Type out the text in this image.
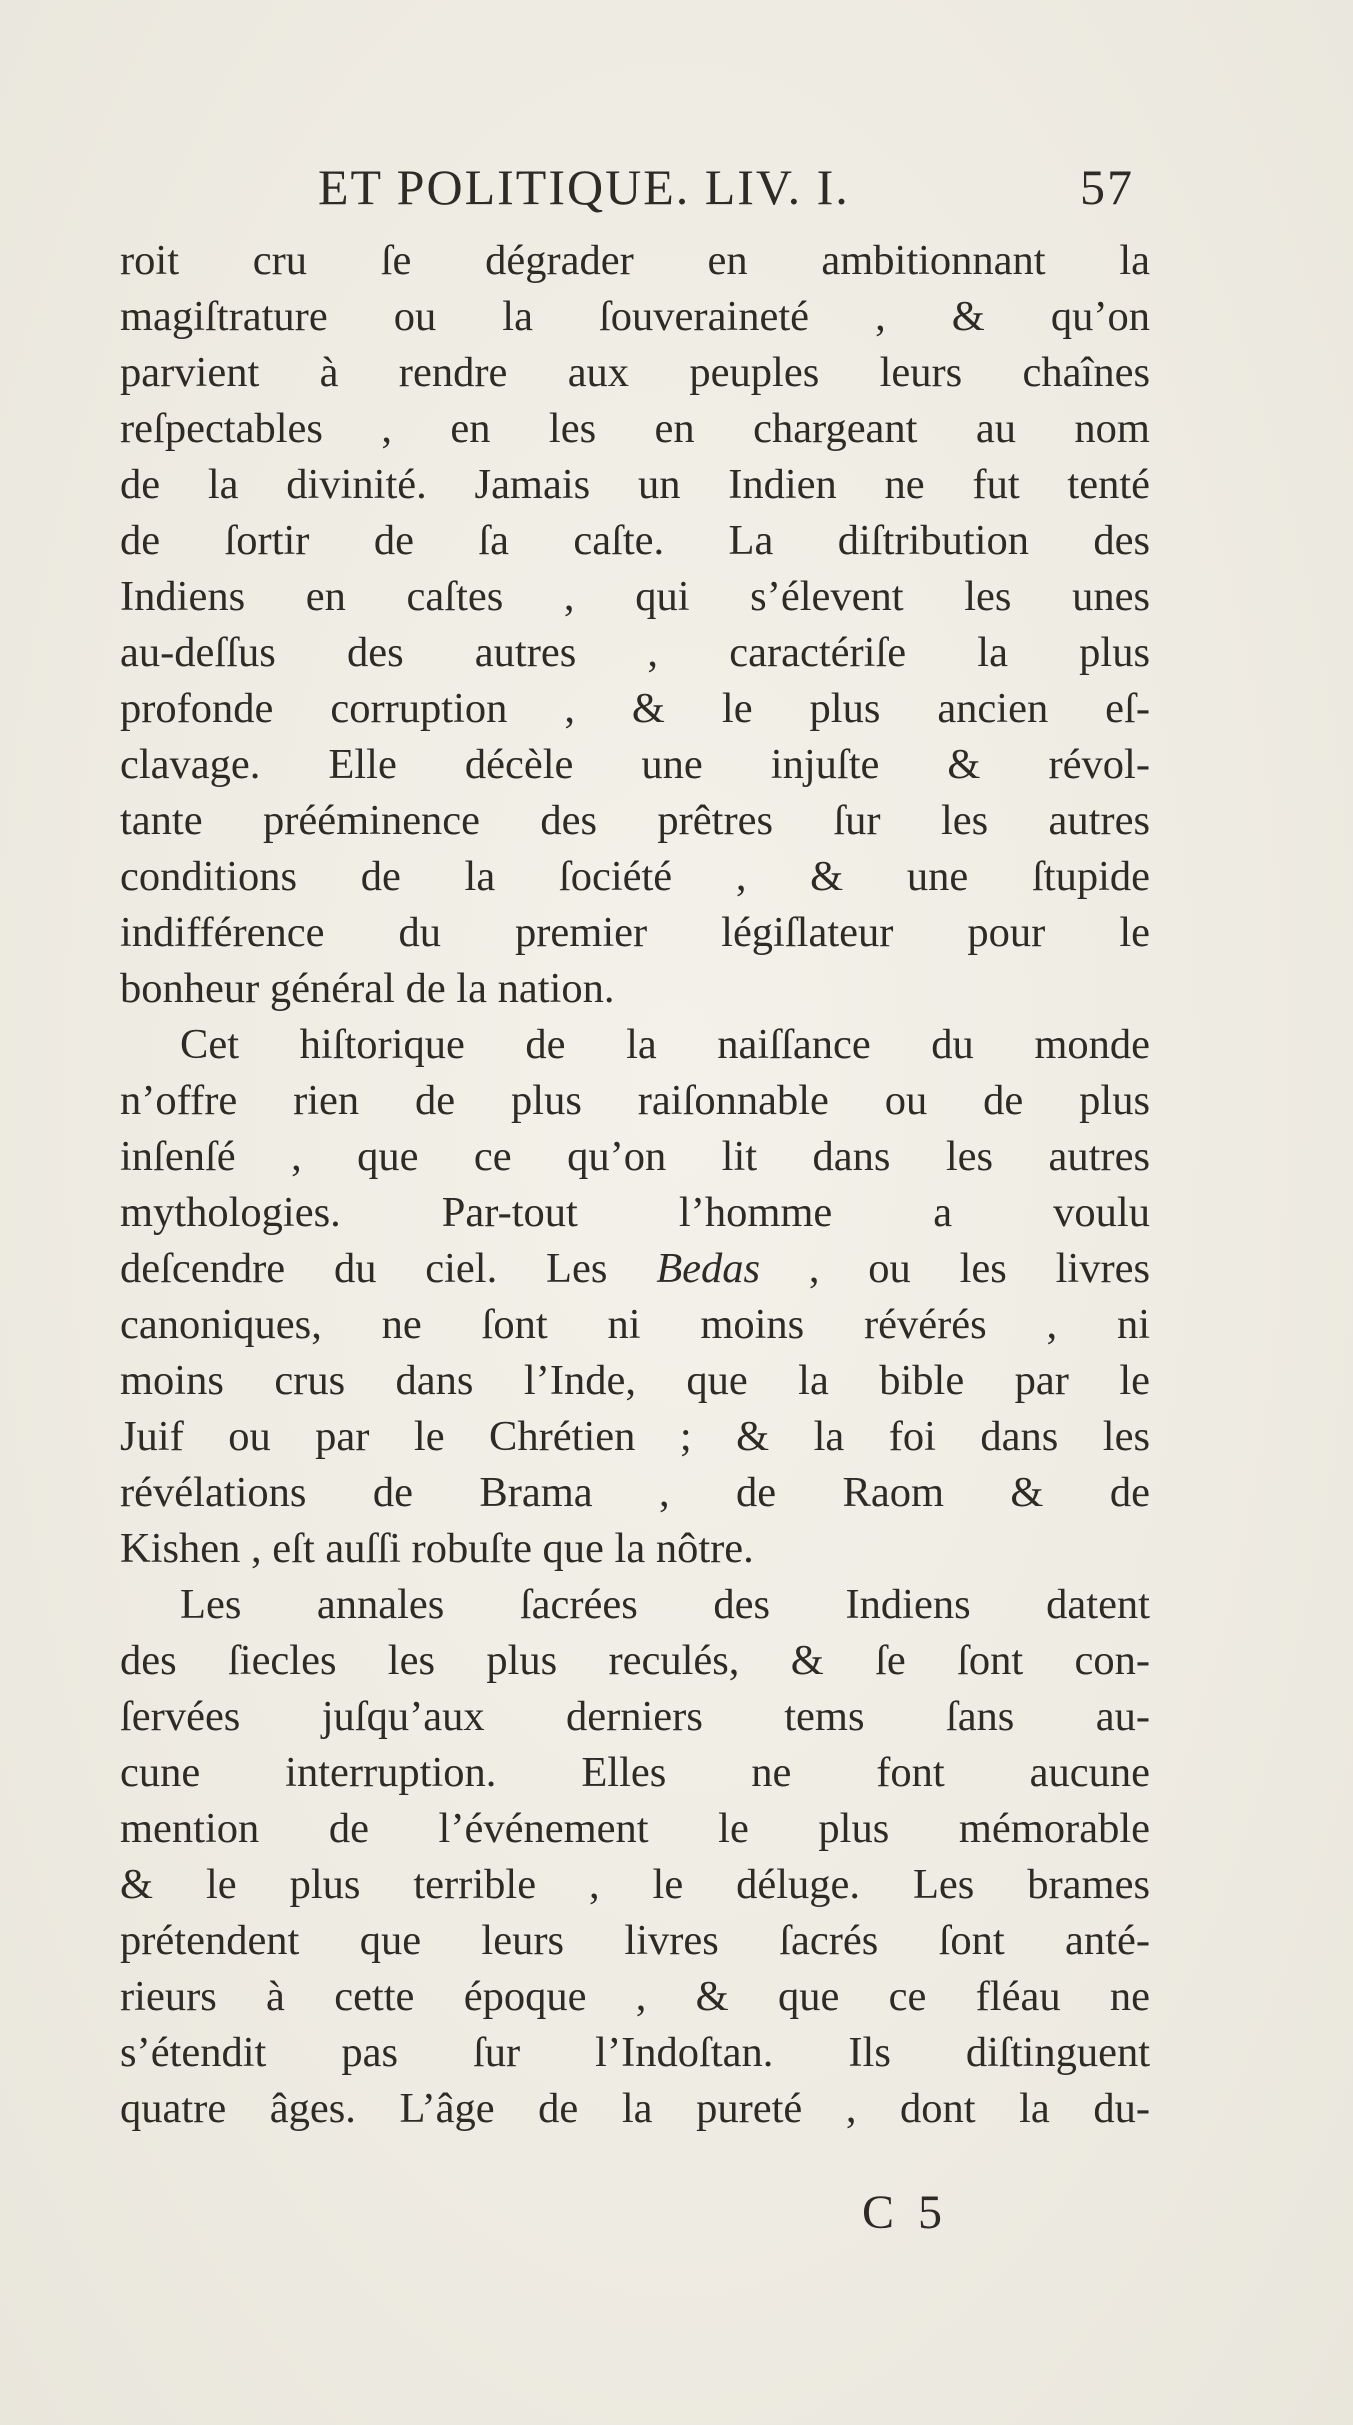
ET POLITIQUE. LIV. I.	57
roit cru ſe dégrader en ambitionnant la
magiſtrature ou la ſouveraineté , & qu’on
parvient à rendre aux peuples leurs chaînes
reſpectables , en les en chargeant au nom
de la divinité. Jamais un Indien ne fut tenté
de ſortir de ſa caſte. La diſtribution des
Indiens en caſtes , qui s’élevent les unes
au-deſſus des autres , caractériſe la plus
profonde corruption , & le plus ancien eſ-
clavage. Elle décèle une injuſte & révol-
tante prééminence des prêtres ſur les autres
conditions de la ſociété , & une ſtupide
indifférence du premier légiſlateur pour le
bonheur général de la nation.
Cet hiſtorique de la naiſſance du monde
n’offre rien de plus raiſonnable ou de plus
inſenſé , que ce qu’on lit dans les autres
mythologies. Par-tout l’homme a voulu
deſcendre du ciel. Les Bedas , ou les livres
canoniques, ne ſont ni moins révérés , ni
moins crus dans l’Inde, que la bible par le
Juif ou par le Chrétien ; & la foi dans les
révélations de Brama , de Raom & de
Kishen , eſt auſſi robuſte que la nôtre.
Les annales ſacrées des Indiens datent
des ſiecles les plus reculés, & ſe ſont con-
ſervées juſqu’aux derniers tems ſans au-
cune interruption. Elles ne font aucune
mention de l’événement le plus mémorable
& le plus terrible , le déluge. Les brames
prétendent que leurs livres ſacrés ſont anté-
rieurs à cette époque , & que ce fléau ne
s’étendit pas ſur l’Indoſtan. Ils diſtinguent
quatre âges. L’âge de la pureté , dont la du-
C 5
